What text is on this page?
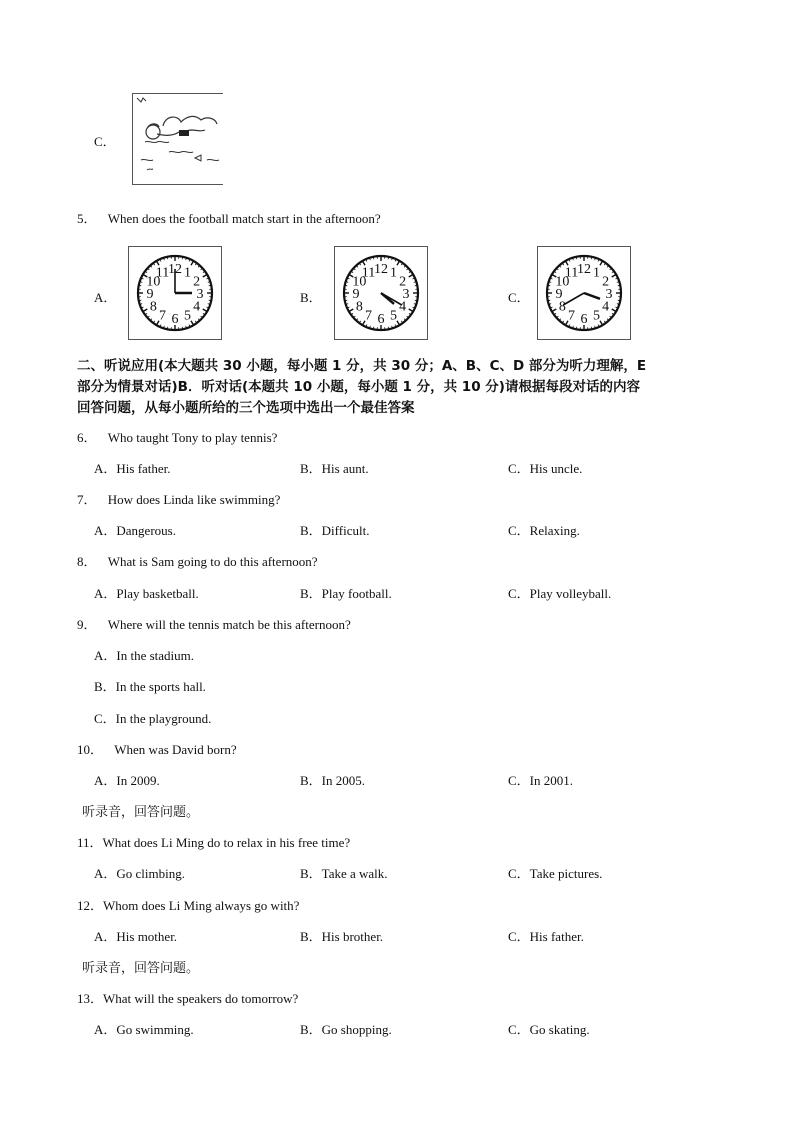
C．
5． When does the football match start in the afternoon?
A．
1
2
3
4
5
6
7
8
9
10
11
12
B．
1
2
3
4
5
6
7
8
9
10
11
12
C．
1
2
3
4
5
6
7
8
9
10
11
12
二、听说应用(本大题共 30 小题，每小题 1 分，共 30 分；A、B、C、D 部分为听力理解，E
部分为情景对话)B．听对话(本题共 10 小题，每小题 1 分，共 10 分)请根据每段对话的内容
回答问题，从每小题所给的三个选项中选出一个最佳答案
6． Who taught Tony to play tennis?
A．His father.	B．His aunt.	C．His uncle.
7． How does Linda like swimming?
A．Dangerous.	B．Difficult.	C．Relaxing.
8． What is Sam going to do this afternoon?
A．Play basketball.	B．Play football.	C．Play volleyball.
9． Where will the tennis match be this afternoon?
A．In the stadium.
B．In the sports hall.
C．In the playground.
10． When was David born?
A．In 2009.	B．In 2005.	C．In 2001.
听录音，回答问题。
11．What does Li Ming do to relax in his free time?
A．Go climbing.	B．Take a walk.	C．Take pictures.
12．Whom does Li Ming always go with?
A．His mother.	B．His brother.	C．His father.
听录音，回答问题。
13．What will the speakers do tomorrow?
A．Go swimming.	B．Go shopping.	C．Go skating.
